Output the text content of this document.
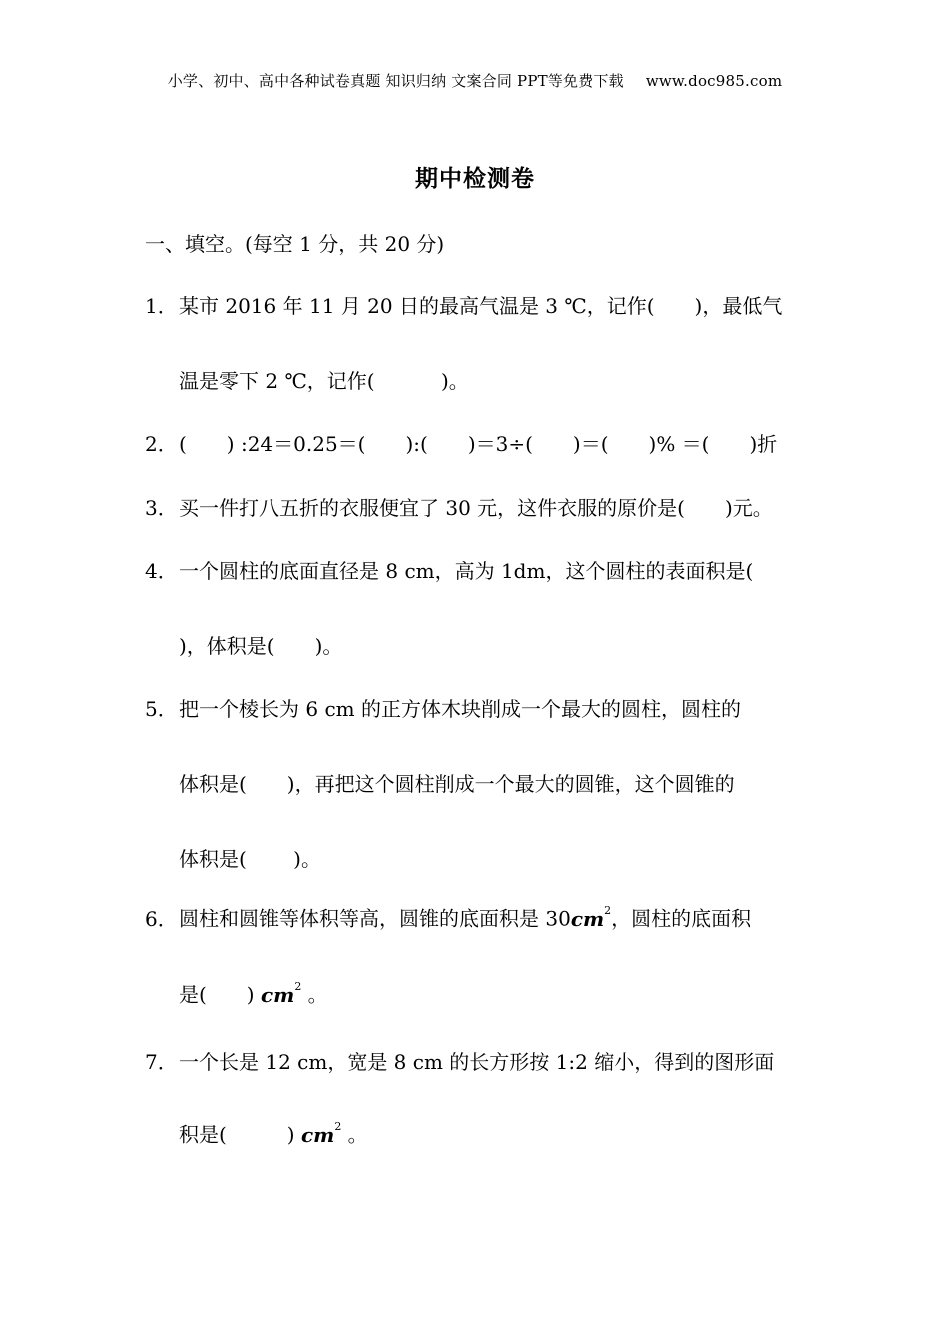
小学、初中、高中各种试卷真题 知识归纳 文案合同 PPT等免费下载 www.doc985.com
期中检测卷
一、填空。(每空 1 分，共 20 分)
1．某市 2016 年 11 月 20 日的最高气温是 3 ℃，记作(　　)，最低气
温是零下 2 ℃，记作(　　　 )。
2．(　　) :24＝0.25＝(　　):(　　)＝3÷(　　)＝(　　)% ＝(　　)折
3．买一件打八五折的衣服便宜了 30 元，这件衣服的原价是(　　)元。
4．一个圆柱的底面直径是 8 cm，高为 1dm，这个圆柱的表面积是(
)，体积是(　　)。
5．把一个棱长为 6 cm 的正方体木块削成一个最大的圆柱，圆柱的
体积是(　　)，再把这个圆柱削成一个最大的圆锥，这个圆锥的
体积是(　　 )。
6．圆柱和圆锥等体积等高，圆锥的底面积是 $30cm^2$，圆柱的底面积
是(　　) $cm^2$ 。
7．一个长是 12 cm，宽是 8 cm 的长方形按 1:2 缩小，得到的图形面
积是(　　　) $cm^2$ 。
